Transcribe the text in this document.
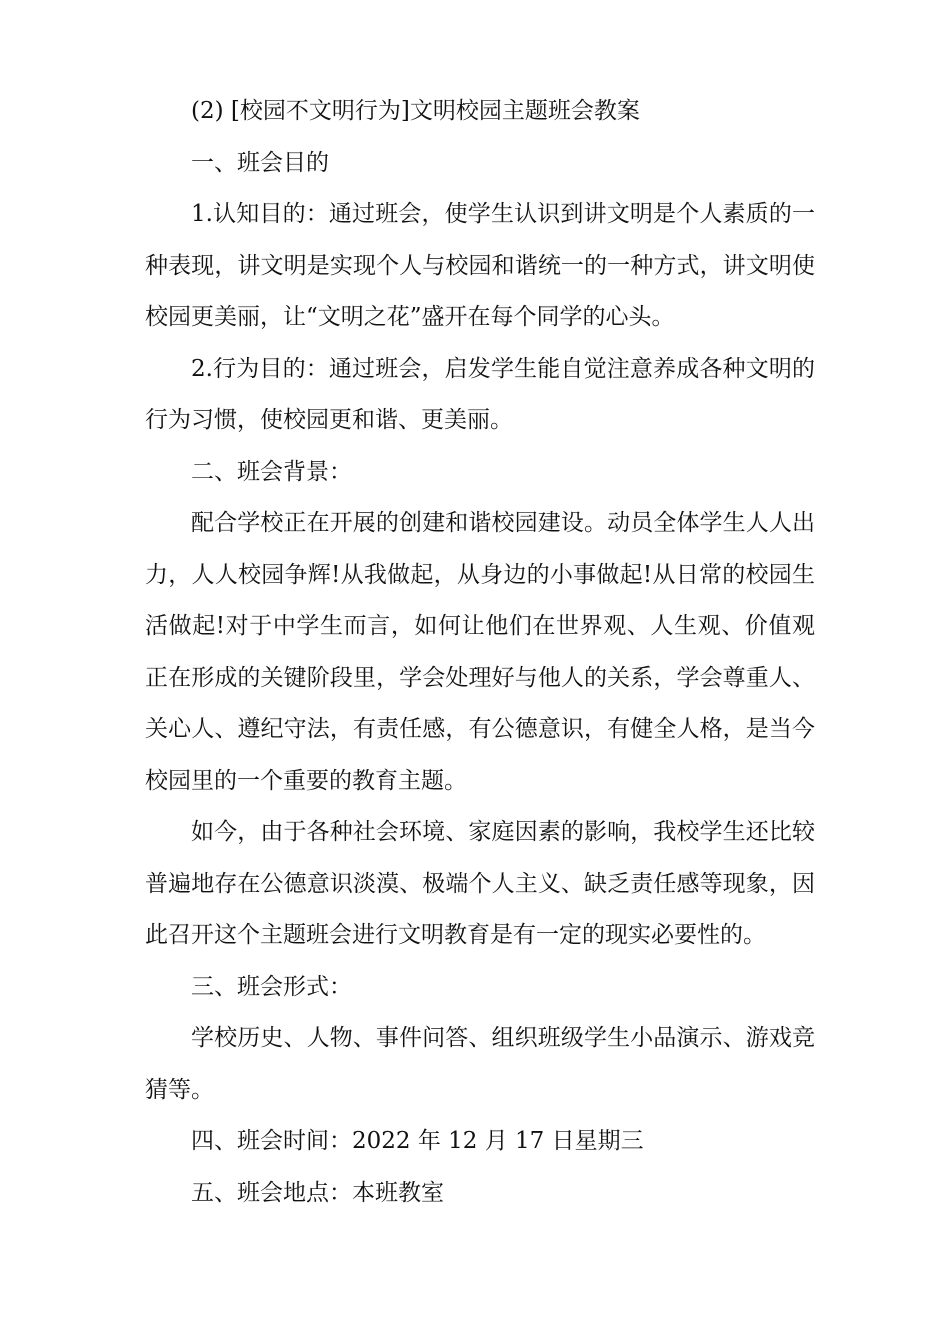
(2) [校园不文明行为]文明校园主题班会教案

一、班会目的

1.认知目的：通过班会，使学生认识到讲文明是个人素质的一种表现，讲文明是实现个人与校园和谐统一的一种方式，讲文明使校园更美丽，让“文明之花”盛开在每个同学的心头。

2.行为目的：通过班会，启发学生能自觉注意养成各种文明的行为习惯，使校园更和谐、更美丽。

二、班会背景：

配合学校正在开展的创建和谐校园建设。动员全体学生人人出力，人人校园争辉!从我做起，从身边的小事做起!从日常的校园生活做起!对于中学生而言，如何让他们在世界观、人生观、价值观正在形成的关键阶段里，学会处理好与他人的关系，学会尊重人、关心人、遵纪守法，有责任感，有公德意识，有健全人格，是当今校园里的一个重要的教育主题。

如今，由于各种社会环境、家庭因素的影响，我校学生还比较普遍地存在公德意识淡漠、极端个人主义、缺乏责任感等现象，因此召开这个主题班会进行文明教育是有一定的现实必要性的。

三、班会形式：

学校历史、人物、事件问答、组织班级学生小品演示、游戏竞猜等。

四、班会时间：2022 年 12 月 17 日星期三

五、班会地点：本班教室
